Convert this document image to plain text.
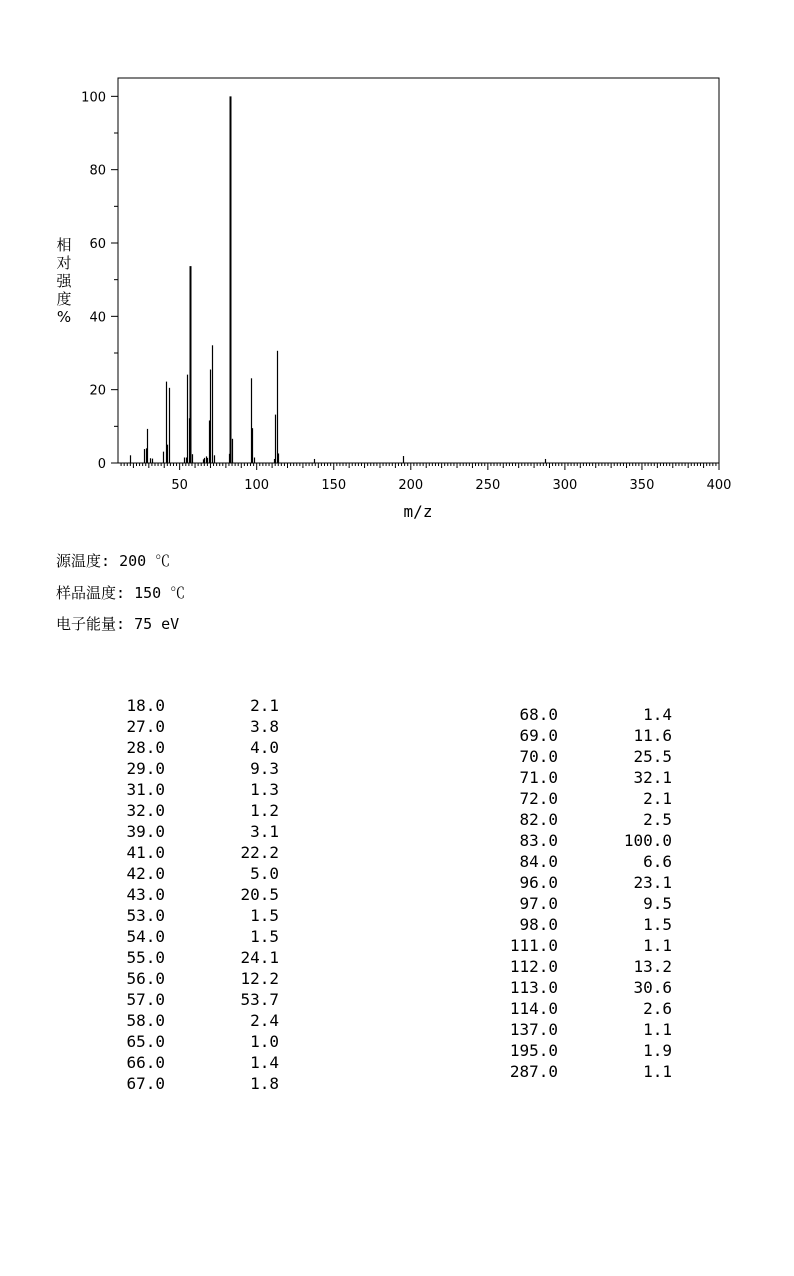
0
20
40
60
80
100
50	100	150	200	250	300	350	400
相对强度%
m/z
源温度: 200 ℃
样品温度: 150 ℃
电子能量: 75 eV
18.0	2.1
27.0	3.8
28.0	4.0
29.0	9.3
31.0	1.3
32.0	1.2
39.0	3.1
41.0	22.2
42.0	5.0
43.0	20.5
53.0	1.5
54.0	1.5
55.0	24.1
56.0	12.2
57.0	53.7
58.0	2.4
65.0	1.0
66.0	1.4
67.0	1.8
68.0	1.4
69.0	11.6
70.0	25.5
71.0	32.1
72.0	2.1
82.0	2.5
83.0	100.0
84.0	6.6
96.0	23.1
97.0	9.5
98.0	1.5
111.0	1.1
112.0	13.2
113.0	30.6
114.0	2.6
137.0	1.1
195.0	1.9
287.0	1.1
